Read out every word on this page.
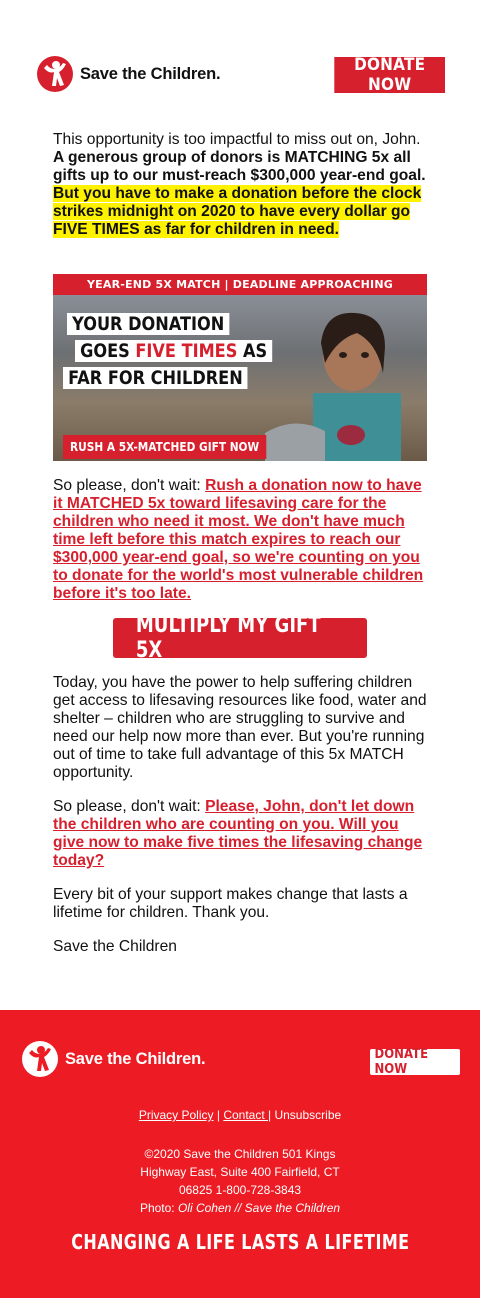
Save the Children.	DONATE NOW

This opportunity is too impactful to miss out on, John. A generous group of donors is MATCHING 5x all gifts up to our must-reach $300,000 year-end goal. But you have to make a donation before the clock strikes midnight on 2020 to have every dollar go FIVE TIMES as far for children in need.

YEAR-END 5X MATCH | DEADLINE APPROACHING
YOUR DONATION
GOES FIVE TIMES AS
FAR FOR CHILDREN
RUSH A 5X-MATCHED GIFT NOW

So please, don't wait: Rush a donation now to have it MATCHED 5x toward lifesaving care for the children who need it most. We don't have much time left before this match expires to reach our $300,000 year-end goal, so we're counting on you to donate for the world's most vulnerable children before it's too late.

MULTIPLY MY GIFT 5X

Today, you have the power to help suffering children get access to lifesaving resources like food, water and shelter – children who are struggling to survive and need our help now more than ever. But you're running out of time to take full advantage of this 5x MATCH opportunity.

So please, don't wait: Please, John, don't let down the children who are counting on you. Will you give now to make five times the lifesaving change today?

Every bit of your support makes change that lasts a lifetime for children. Thank you.

Save the Children

Save the Children.	DONATE NOW
Privacy Policy | Contact | Unsubscribe
©2020 Save the Children 501 Kings
Highway East, Suite 400 Fairfield, CT
06825 1-800-728-3843
Photo: Oli Cohen // Save the Children
CHANGING A LIFE LASTS A LIFETIME
